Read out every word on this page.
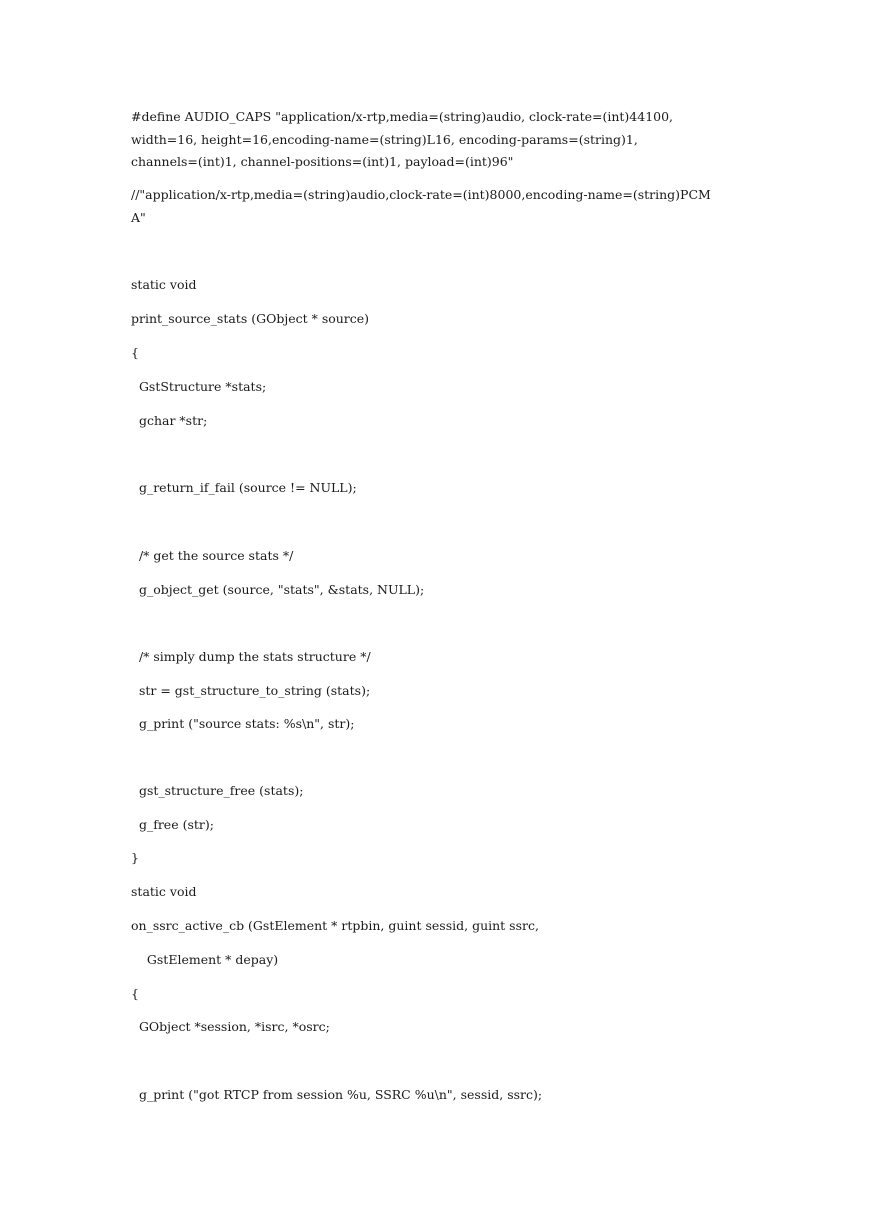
#define AUDIO_CAPS "application/x-rtp,media=(string)audio, clock-rate=(int)44100,
width=16, height=16,encoding-name=(string)L16, encoding-params=(string)1,
channels=(int)1, channel-positions=(int)1, payload=(int)96"
//"application/x-rtp,media=(string)audio,clock-rate=(int)8000,encoding-name=(string)PCM
A"
static void
print_source_stats (GObject * source)
{
GstStructure *stats;
gchar *str;
g_return_if_fail (source != NULL);
/* get the source stats */
g_object_get (source, "stats", &stats, NULL);
/* simply dump the stats structure */
str = gst_structure_to_string (stats);
g_print ("source stats: %s\n", str);
gst_structure_free (stats);
g_free (str);
}
static void
on_ssrc_active_cb (GstElement * rtpbin, guint sessid, guint ssrc,
GstElement * depay)
{
GObject *session, *isrc, *osrc;
g_print ("got RTCP from session %u, SSRC %u\n", sessid, ssrc);
